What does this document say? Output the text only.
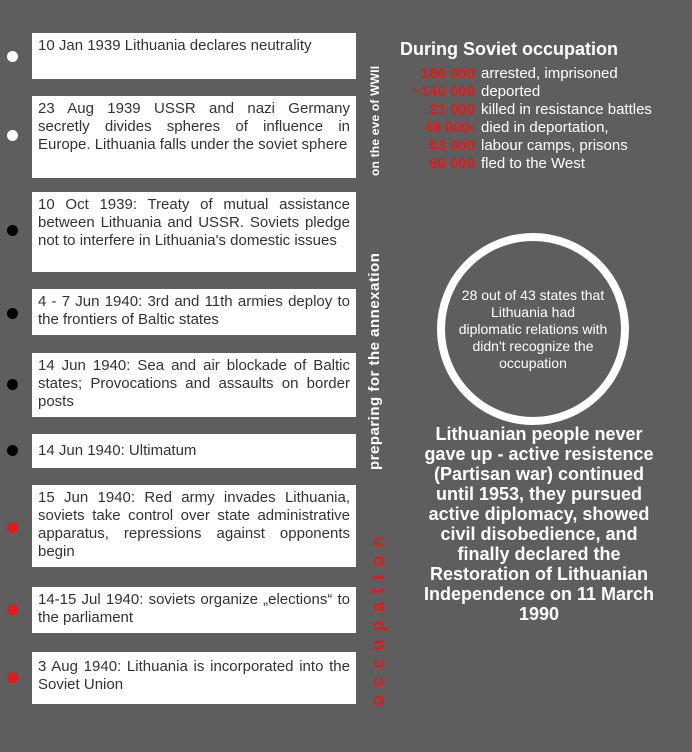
10 Jan 1939 Lithuania declares neutrality
23 Aug 1939 USSR and nazi Germany secretly divides spheres of influence in Europe. Lithuania falls under the soviet sphere
10 Oct 1939: Treaty of mutual assistance between Lithuania and USSR. Soviets pledge not to interfere in Lithuania's domestic issues
4 - 7 Jun 1940: 3rd and 11th armies deploy to the frontiers of Baltic states
14 Jun 1940: Sea and air blockade of Baltic states; Provocations and assaults on border posts
14 Jun 1940: Ultimatum
15 Jun 1940: Red army invades Lithuania, soviets take control over state administrative apparatus, repressions against opponents begin
14-15 Jul 1940: soviets organize „elections“ to the parliament
3 Aug 1940: Lithuania is incorporated into the Soviet Union
on the eve of WWII
preparing for the annexation
occupation
During Soviet occupation
186 000 arrested, imprisoned
~140 000 deported
21 000 killed in resistance battles
48 000- died in deportation,
53 000 labour camps, prisons
60 000 fled to the West
28 out of 43 states that Lithuania had diplomatic relations with didn't recognize the occupation
Lithuanian people never gave up - active resistence (Partisan war) continued until 1953, they pursued active diplomacy, showed civil disobedience, and finally declared the Restoration of Lithuanian Independence on 11 March 1990
